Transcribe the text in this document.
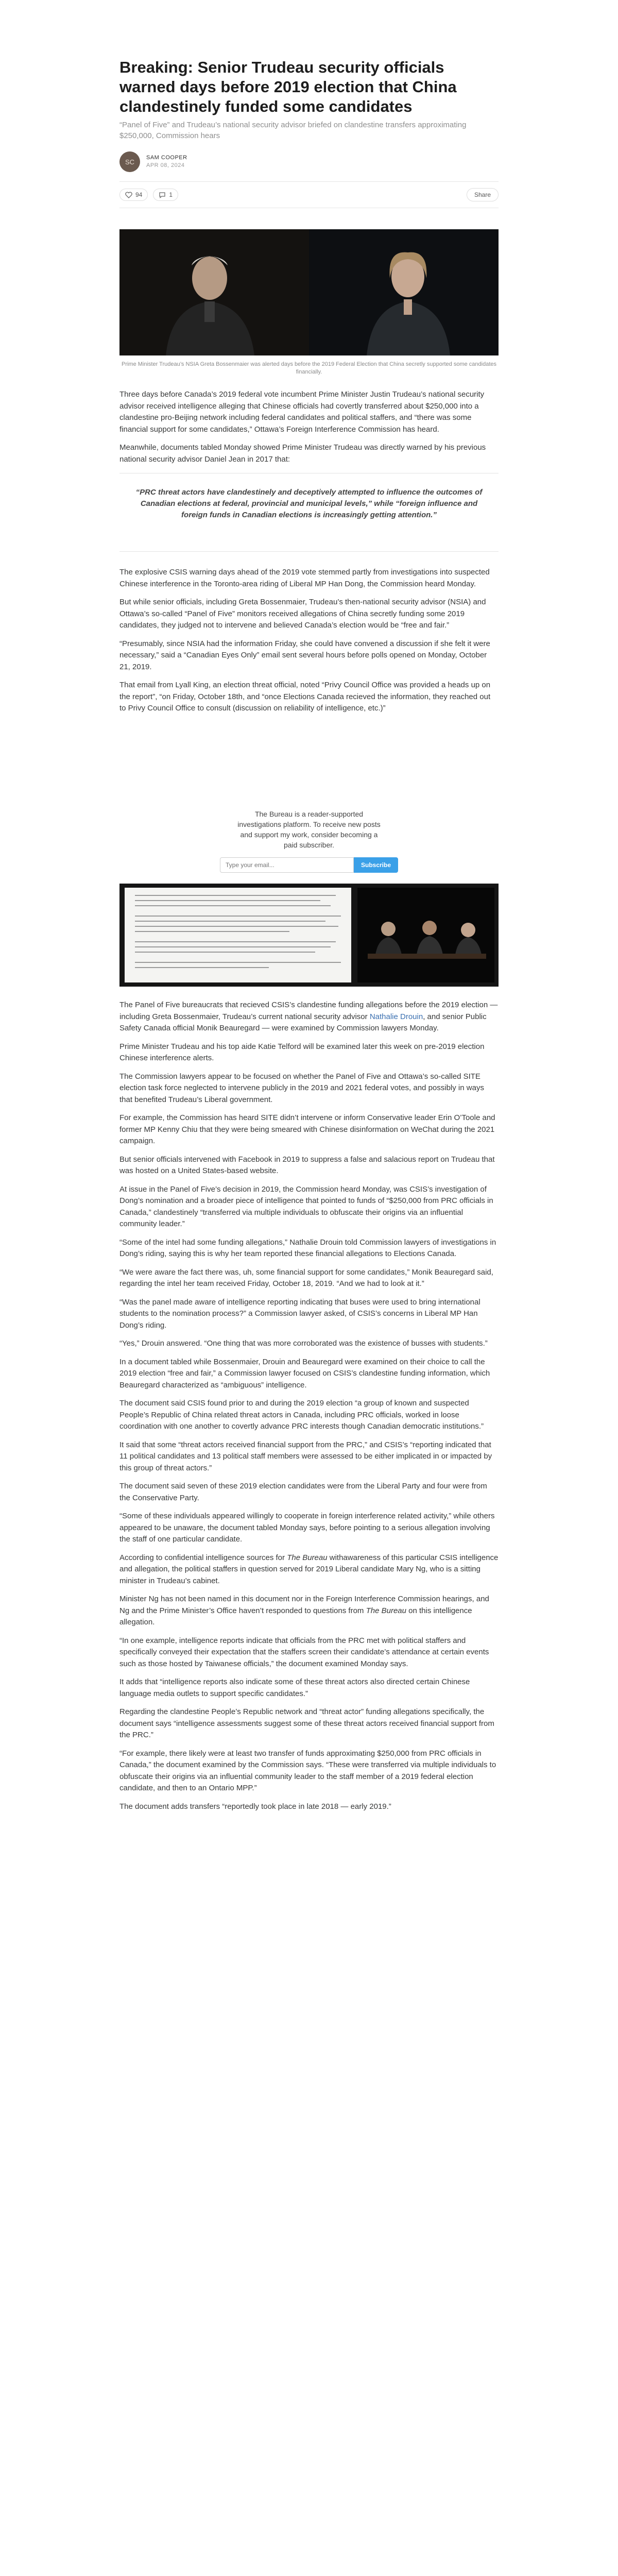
Breaking: Senior Trudeau security officials warned days before 2019 election that China clandestinely funded some candidates
“Panel of Five” and Trudeau’s national security advisor briefed on clandestine transfers approximating $250,000, Commission hears
SC
SAM COOPER
APR 08, 2024
94	1	Share
Prime Minister Trudeau’s NSIA Greta Bossenmaier was alerted days before the 2019 Federal Election that China secretly supported some candidates financially.

Three days before Canada’s 2019 federal vote incumbent Prime Minister Justin Trudeau’s national security advisor received intelligence alleging that Chinese officials had covertly transferred about $250,000 into a clandestine pro-Beijing network including federal candidates and political staffers, and “there was some financial support for some candidates,” Ottawa’s Foreign Interference Commission has heard.

Meanwhile, documents tabled Monday showed Prime Minister Trudeau was directly warned by his previous national security advisor Daniel Jean in 2017 that:

“PRC threat actors have clandestinely and deceptively attempted to influence the outcomes of Canadian elections at federal, provincial and municipal levels,” while “foreign influence and foreign funds in Canadian elections is increasingly getting attention.”

The explosive CSIS warning days ahead of the 2019 vote stemmed partly from investigations into suspected Chinese interference in the Toronto-area riding of Liberal MP Han Dong, the Commission heard Monday.

But while senior officials, including Greta Bossenmaier, Trudeau’s then-national security advisor (NSIA) and Ottawa’s so-called “Panel of Five” monitors received allegations of China secretly funding some 2019 candidates, they judged not to intervene and believed Canada’s election would be “free and fair.”

“Presumably, since NSIA had the information Friday, she could have convened a discussion if she felt it were necessary,” said a “Canadian Eyes Only” email sent several hours before polls opened on Monday, October 21, 2019.

That email from Lyall King, an election threat official, noted “Privy Council Office was provided a heads up on the report”, “on Friday, October 18th, and “once Elections Canada recieved the information, they reached out to Privy Council Office to consult (discussion on reliability of intelligence, etc.)”

The Bureau is a reader-supported investigations platform. To receive new posts and support my work, consider becoming a paid subscriber.
Type your email...
Subscribe

The Panel of Five bureaucrats that recieved CSIS’s clandestine funding allegations before the 2019 election — including Greta Bossenmaier, Trudeau’s current national security advisor Nathalie Drouin, and senior Public Safety Canada official Monik Beauregard — were examined by Commission lawyers Monday.

Prime Minister Trudeau and his top aide Katie Telford will be examined later this week on pre-2019 election Chinese interference alerts.

The Commission lawyers appear to be focused on whether the Panel of Five and Ottawa’s so-called SITE election task force neglected to intervene publicly in the 2019 and 2021 federal votes, and possibly in ways that benefited Trudeau’s Liberal government.

For example, the Commission has heard SITE didn’t intervene or inform Conservative leader Erin O’Toole and former MP Kenny Chiu that they were being smeared with Chinese disinformation on WeChat during the 2021 campaign.

But senior officials intervened with Facebook in 2019 to suppress a false and salacious report on Trudeau that was hosted on a United States-based website.

At issue in the Panel of Five’s decision in 2019, the Commission heard Monday, was CSIS’s investigation of Dong’s nomination and a broader piece of intelligence that pointed to funds of “$250,000 from PRC officials in Canada,” clandestinely “transferred via multiple individuals to obfuscate their origins via an influential community leader.”

“Some of the intel had some funding allegations,” Nathalie Drouin told Commission lawyers of investigations in Dong’s riding, saying this is why her team reported these financial allegations to Elections Canada.

“We were aware the fact there was, uh, some financial support for some candidates,” Monik Beauregard said, regarding the intel her team received Friday, October 18, 2019. “And we had to look at it.”

“Was the panel made aware of intelligence reporting indicating that buses were used to bring international students to the nomination process?” a Commission lawyer asked, of CSIS’s concerns in Liberal MP Han Dong’s riding.

“Yes,” Drouin answered. “One thing that was more corroborated was the existence of busses with students.”

In a document tabled while Bossenmaier, Drouin and Beauregard were examined on their choice to call the 2019 election “free and fair,” a Commission lawyer focused on CSIS’s clandestine funding information, which Beauregard characterized as “ambiguous” intelligence.

The document said CSIS found prior to and during the 2019 election “a group of known and suspected People’s Republic of China related threat actors in Canada, including PRC officials, worked in loose coordination with one another to covertly advance PRC interests though Canadian democratic institutions.”

It said that some “threat actors received financial support from the PRC,” and CSIS’s “reporting indicated that 11 political candidates and 13 political staff members were assessed to be either implicated in or impacted by this group of threat actors.”

The document said seven of these 2019 election candidates were from the Liberal Party and four were from the Conservative Party.

“Some of these individuals appeared willingly to cooperate in foreign interference related activity,” while others appeared to be unaware, the document tabled Monday says, before pointing to a serious allegation involving the staff of one particular candidate.

According to confidential intelligence sources for The Bureau withawareness of this particular CSIS intelligence and allegation, the political staffers in question served for 2019 Liberal candidate Mary Ng, who is a sitting minister in Trudeau’s cabinet.

Minister Ng has not been named in this document nor in the Foreign Interference Commission hearings, and Ng and the Prime Minister’s Office haven’t responded to questions from The Bureau on this intelligence allegation.

“In one example, intelligence reports indicate that officials from the PRC met with political staffers and specifically conveyed their expectation that the staffers screen their candidate’s attendance at certain events such as those hosted by Taiwanese officials,” the document examined Monday says.

It adds that “intelligence reports also indicate some of these threat actors also directed certain Chinese language media outlets to support specific candidates.”

Regarding the clandestine People’s Republic network and “threat actor” funding allegations specifically, the document says “intelligence assessments suggest some of these threat actors received financial support from the PRC.”

“For example, there likely were at least two transfer of funds approximating $250,000 from PRC officials in Canada,” the document examined by the Commission says. “These were transferred via multiple individuals to obfuscate their origins via an influential community leader to the staff member of a 2019 federal election candidate, and then to an Ontario MPP.”

The document adds transfers “reportedly took place in late 2018 — early 2019.”
